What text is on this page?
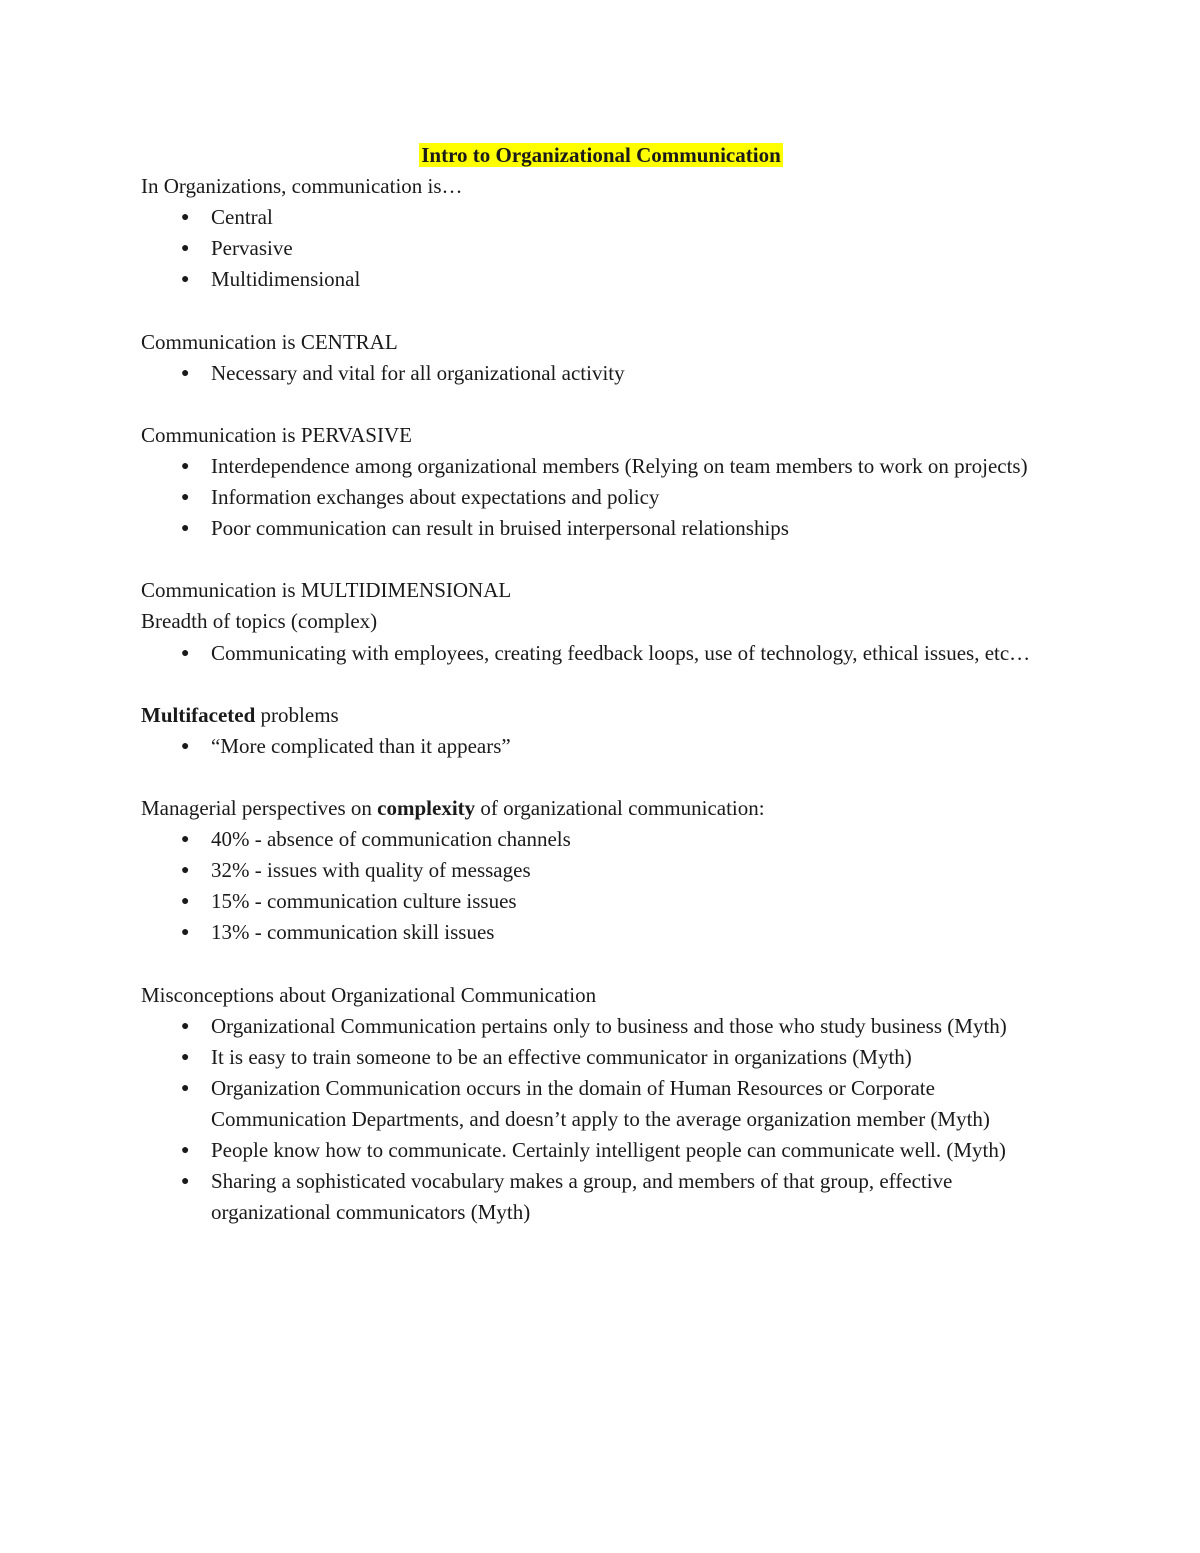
Intro to Organizational Communication

In Organizations, communication is…

●	Central
●	Pervasive
●	Multidimensional

Communication is CENTRAL

●	Necessary and vital for all organizational activity

Communication is PERVASIVE

●	Interdependence among organizational members (Relying on team members to work on projects)
●	Information exchanges about expectations and policy
●	Poor communication can result in bruised interpersonal relationships

Communication is MULTIDIMENSIONAL

Breadth of topics (complex)

●	Communicating with employees, creating feedback loops, use of technology, ethical issues, etc…

Multifaceted problems

●	“More complicated than it appears”

Managerial perspectives on complexity of organizational communication:

●	40% - absence of communication channels
●	32% - issues with quality of messages
●	15% - communication culture issues
●	13% - communication skill issues

Misconceptions about Organizational Communication

●	Organizational Communication pertains only to business and those who study business (Myth)
●	It is easy to train someone to be an effective communicator in organizations (Myth)
●	Organization Communication occurs in the domain of Human Resources or Corporate Communication Departments, and doesn’t apply to the average organization member (Myth)
●	People know how to communicate. Certainly intelligent people can communicate well. (Myth)
●	Sharing a sophisticated vocabulary makes a group, and members of that group, effective organizational communicators (Myth)
